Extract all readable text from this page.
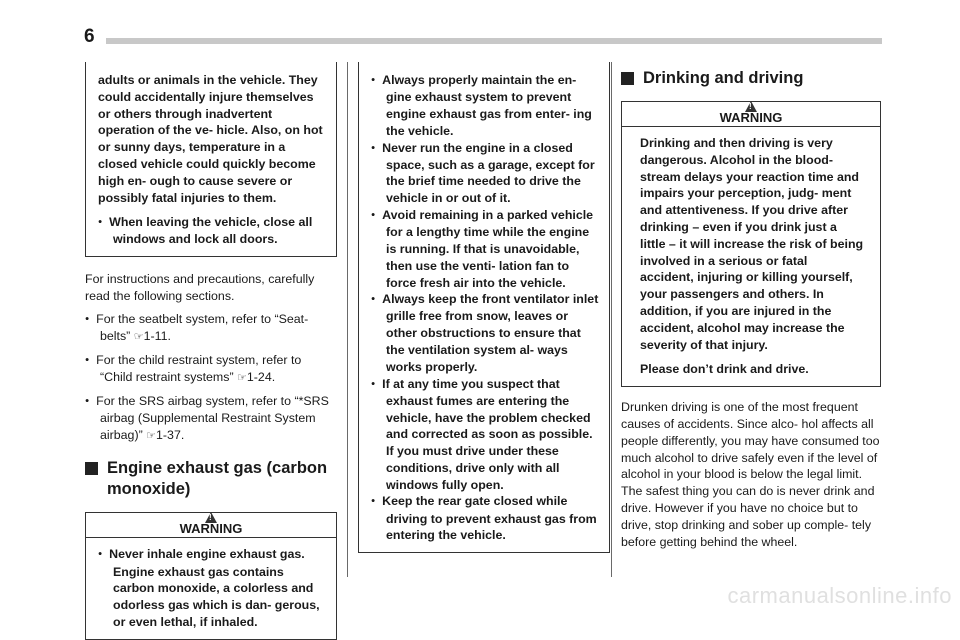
6

adults or animals in the vehicle. They could accidentally injure themselves or others through inadvertent operation of the ve- hicle. Also, on hot or sunny days, temperature in a closed vehicle could quickly become high en- ough to cause severe or possibly fatal injuries to them.

● When leaving the vehicle, close all windows and lock all doors.

For instructions and precautions, carefully read the following sections.

● For the seatbelt system, refer to “Seat- belts” ☞1-11.

● For the child restraint system, refer to “Child restraint systems” ☞1-24.

● For the SRS airbag system, refer to “*SRS airbag (Supplemental Restraint System airbag)” ☞1-37.

Engine exhaust gas (carbon monoxide)
!
WARNING

● Never inhale engine exhaust gas. Engine exhaust gas contains carbon monoxide, a colorless and odorless gas which is dan- gerous, or even lethal, if inhaled.

● Always properly maintain the en- gine exhaust system to prevent engine exhaust gas from enter- ing the vehicle.

● Never run the engine in a closed space, such as a garage, except for the brief time needed to drive the vehicle in or out of it.

● Avoid remaining in a parked vehicle for a lengthy time while the engine is running. If that is unavoidable, then use the venti- lation fan to force fresh air into the vehicle.

● Always keep the front ventilator inlet grille free from snow, leaves or other obstructions to ensure that the ventilation system al- ways works properly.

● If at any time you suspect that exhaust fumes are entering the vehicle, have the problem checked and corrected as soon as possible. If you must drive under these conditions, drive only with all windows fully open.

● Keep the rear gate closed while driving to prevent exhaust gas from entering the vehicle.

Drinking and driving
!
WARNING

Drinking and then driving is very dangerous. Alcohol in the blood- stream delays your reaction time and impairs your perception, judg- ment and attentiveness. If you drive after drinking – even if you drink just a little – it will increase the risk of being involved in a serious or fatal accident, injuring or killing yourself, your passengers and others. In addition, if you are injured in the accident, alcohol may increase the severity of that injury.

Please don’t drink and drive.

Drunken driving is one of the most frequent causes of accidents. Since alco- hol affects all people differently, you may have consumed too much alcohol to drive safely even if the level of alcohol in your blood is below the legal limit. The safest thing you can do is never drink and drive. However if you have no choice but to drive, stop drinking and sober up comple- tely before getting behind the wheel.

carmanualsonline.info
